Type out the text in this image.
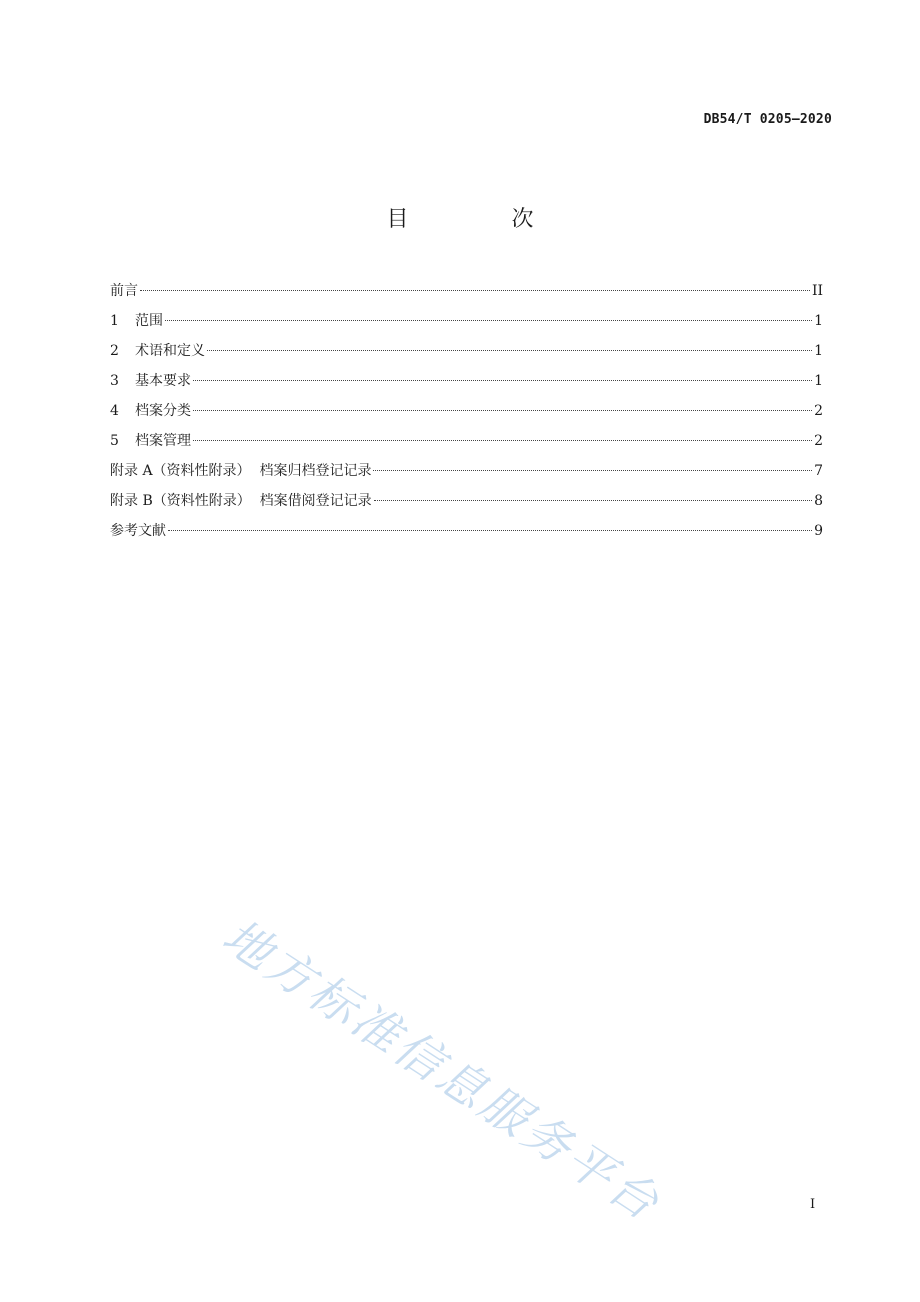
DB54/T 0205—2020
目 次
前言	II
1	范围	1
2	术语和定义	1
3	基本要求	1
4	档案分类	2
5	档案管理	2
附录 A（资料性附录）  档案归档登记记录	7
附录 B（资料性附录）  档案借阅登记记录	8
参考文献	9
地方标准信息服务平台	I
